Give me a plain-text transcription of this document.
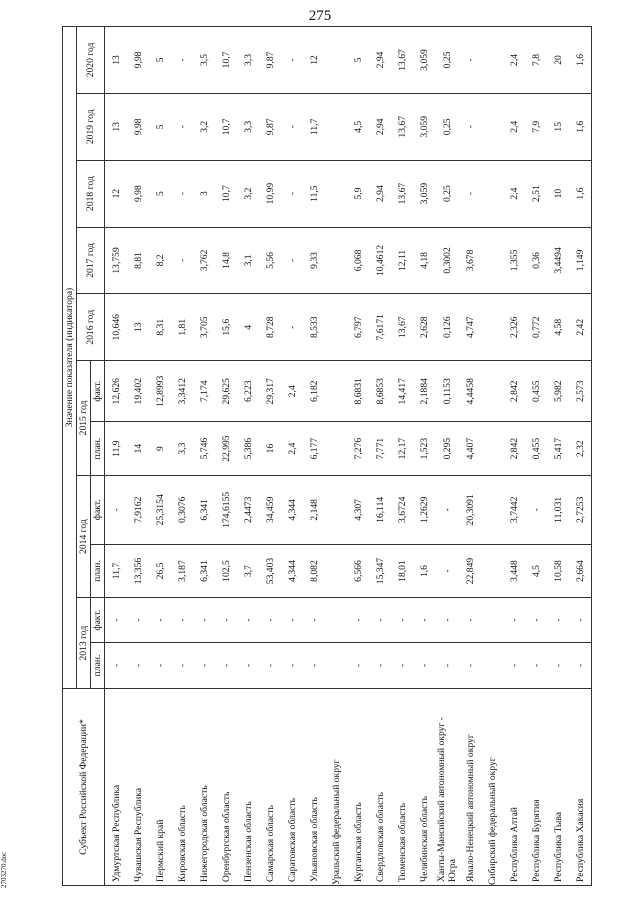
275
Субъект Российской Федерации*	Значение показателя (индикатора)										
	2013 год		2014 год		2015 год		2016 год	2017 год	2018 год	2019 год	2020 год
	план.	факт.	план.	факт.	план.	факт.					
Удмуртская Республика	-	-	11,7	-	11,9	12,626	10,646	13,759	12	13	13
Чувашская Республика	-	-	13,356	7,9162	14	19,402	13	8,81	9,98	9,98	9,98
Пермский край	-	-	26,5	25,3154	9	12,8993	8,31	8,2	5	5	5
Кировская область	-	-	3,187	0,3076	3,3	3,3412	1,81	-	-	-	-
Нижегородская область	-	-	6,341	6,341	5,746	7,174	3,705	3,762	3	3,2	3,5
Оренбургская область	-	-	102,5	174,6155	22,995	29,625	15,6	14,8	10,7	10,7	10,7
Пензенская область	-	-	3,7	2,4473	5,386	6,223	4	3,1	3,2	3,3	3,3
Самарская область	-	-	53,403	34,459	16	29,317	8,728	5,56	10,99	9,87	9,87
Саратовская область	-	-	4,344	4,344	2,4	2,4	-	-	-	-	-
Ульяновская область	-	-	8,082	2,148	6,177	6,182	8,533	9,33	11,5	11,7	12
Уральский федеральный округ											
Курганская область	-	-	6,566	4,307	7,276	8,6831	6,797	6,068	5,9	4,5	5
Свердловская область	-	-	15,347	16,114	7,771	8,6853	7,6171	10,4612	2,94	2,94	2,94
Тюменская область	-	-	18,01	3,6724	12,17	14,417	13,67	12,11	13,67	13,67	13,67
Челябинская область	-	-	1,6	1,2629	1,523	2,1884	2,628	4,18	3,059	3,059	3,059
Ханты-Мансийский автономный округ - Югра	-	-	-	-	0,295	0,1153	0,126	0,3002	0,25	0,25	0,25
Ямало-Ненецкий автономный округ	-	-	22,849	20,3091	4,407	4,4458	4,747	3,678	-	-	-
Сибирский федеральный округ											
Республика Алтай	-	-	3,448	3,7442	2,842	2,842	2,326	1,355	2,4	2,4	2,4
Республика Бурятия	-	-	4,5	-	0,455	0,455	0,772	0,36	2,51	7,9	7,8
Республика Тыва	-	-	10,58	11,031	5,417	5,982	4,58	3,4494	10	15	20
Республика Хакасия	-	-	2,664	2,7253	2,32	2,573	2,42	1,149	1,6	1,6	1,6
2703270.doc
